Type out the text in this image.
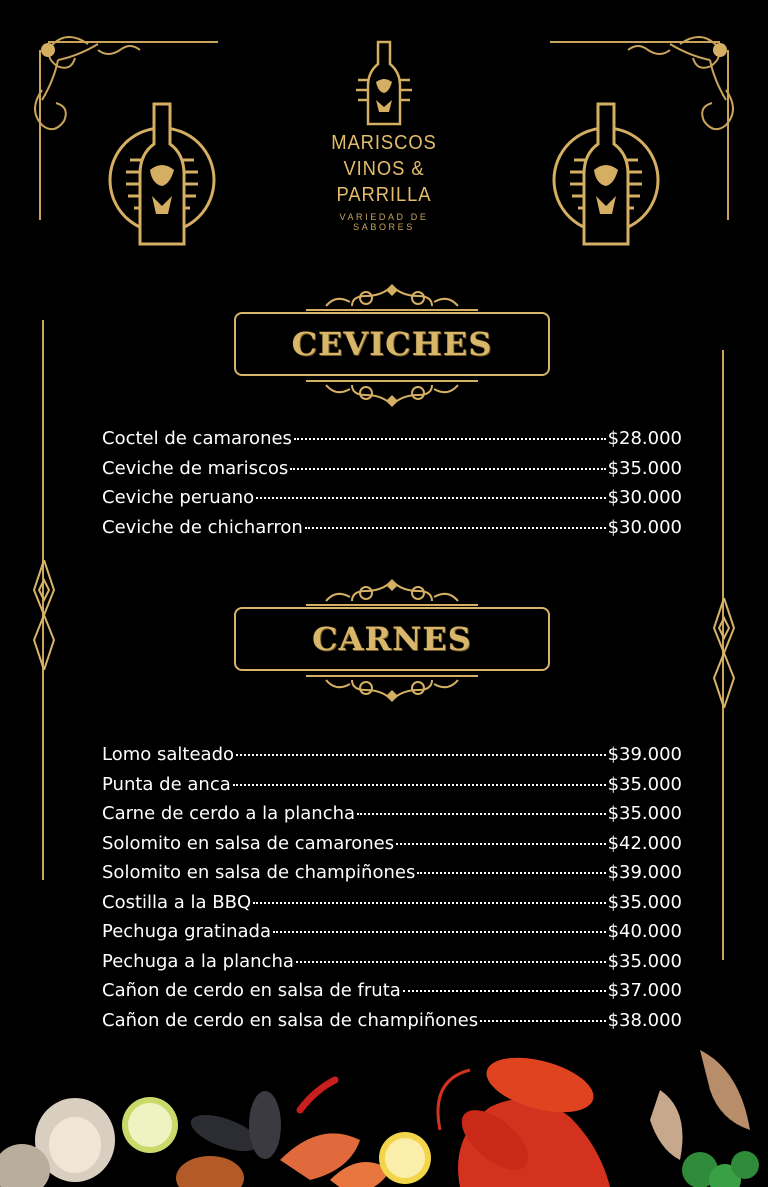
MARISCOS
VINOS & PARRILLA
VARIEDAD DE SABORES
CEVICHES
Coctel de camarones	$28.000
Ceviche de mariscos	$35.000
Ceviche peruano	$30.000
Ceviche de chicharron	$30.000
CARNES
Lomo salteado	$39.000
Punta de anca	$35.000
Carne de cerdo a la plancha	$35.000
Solomito en salsa de camarones	$42.000
Solomito en salsa de champiñones	$39.000
Costilla a la BBQ	$35.000
Pechuga gratinada	$40.000
Pechuga a la plancha	$35.000
Cañon de cerdo en salsa de fruta	$37.000
Cañon de cerdo en salsa de champiñones	$38.000
